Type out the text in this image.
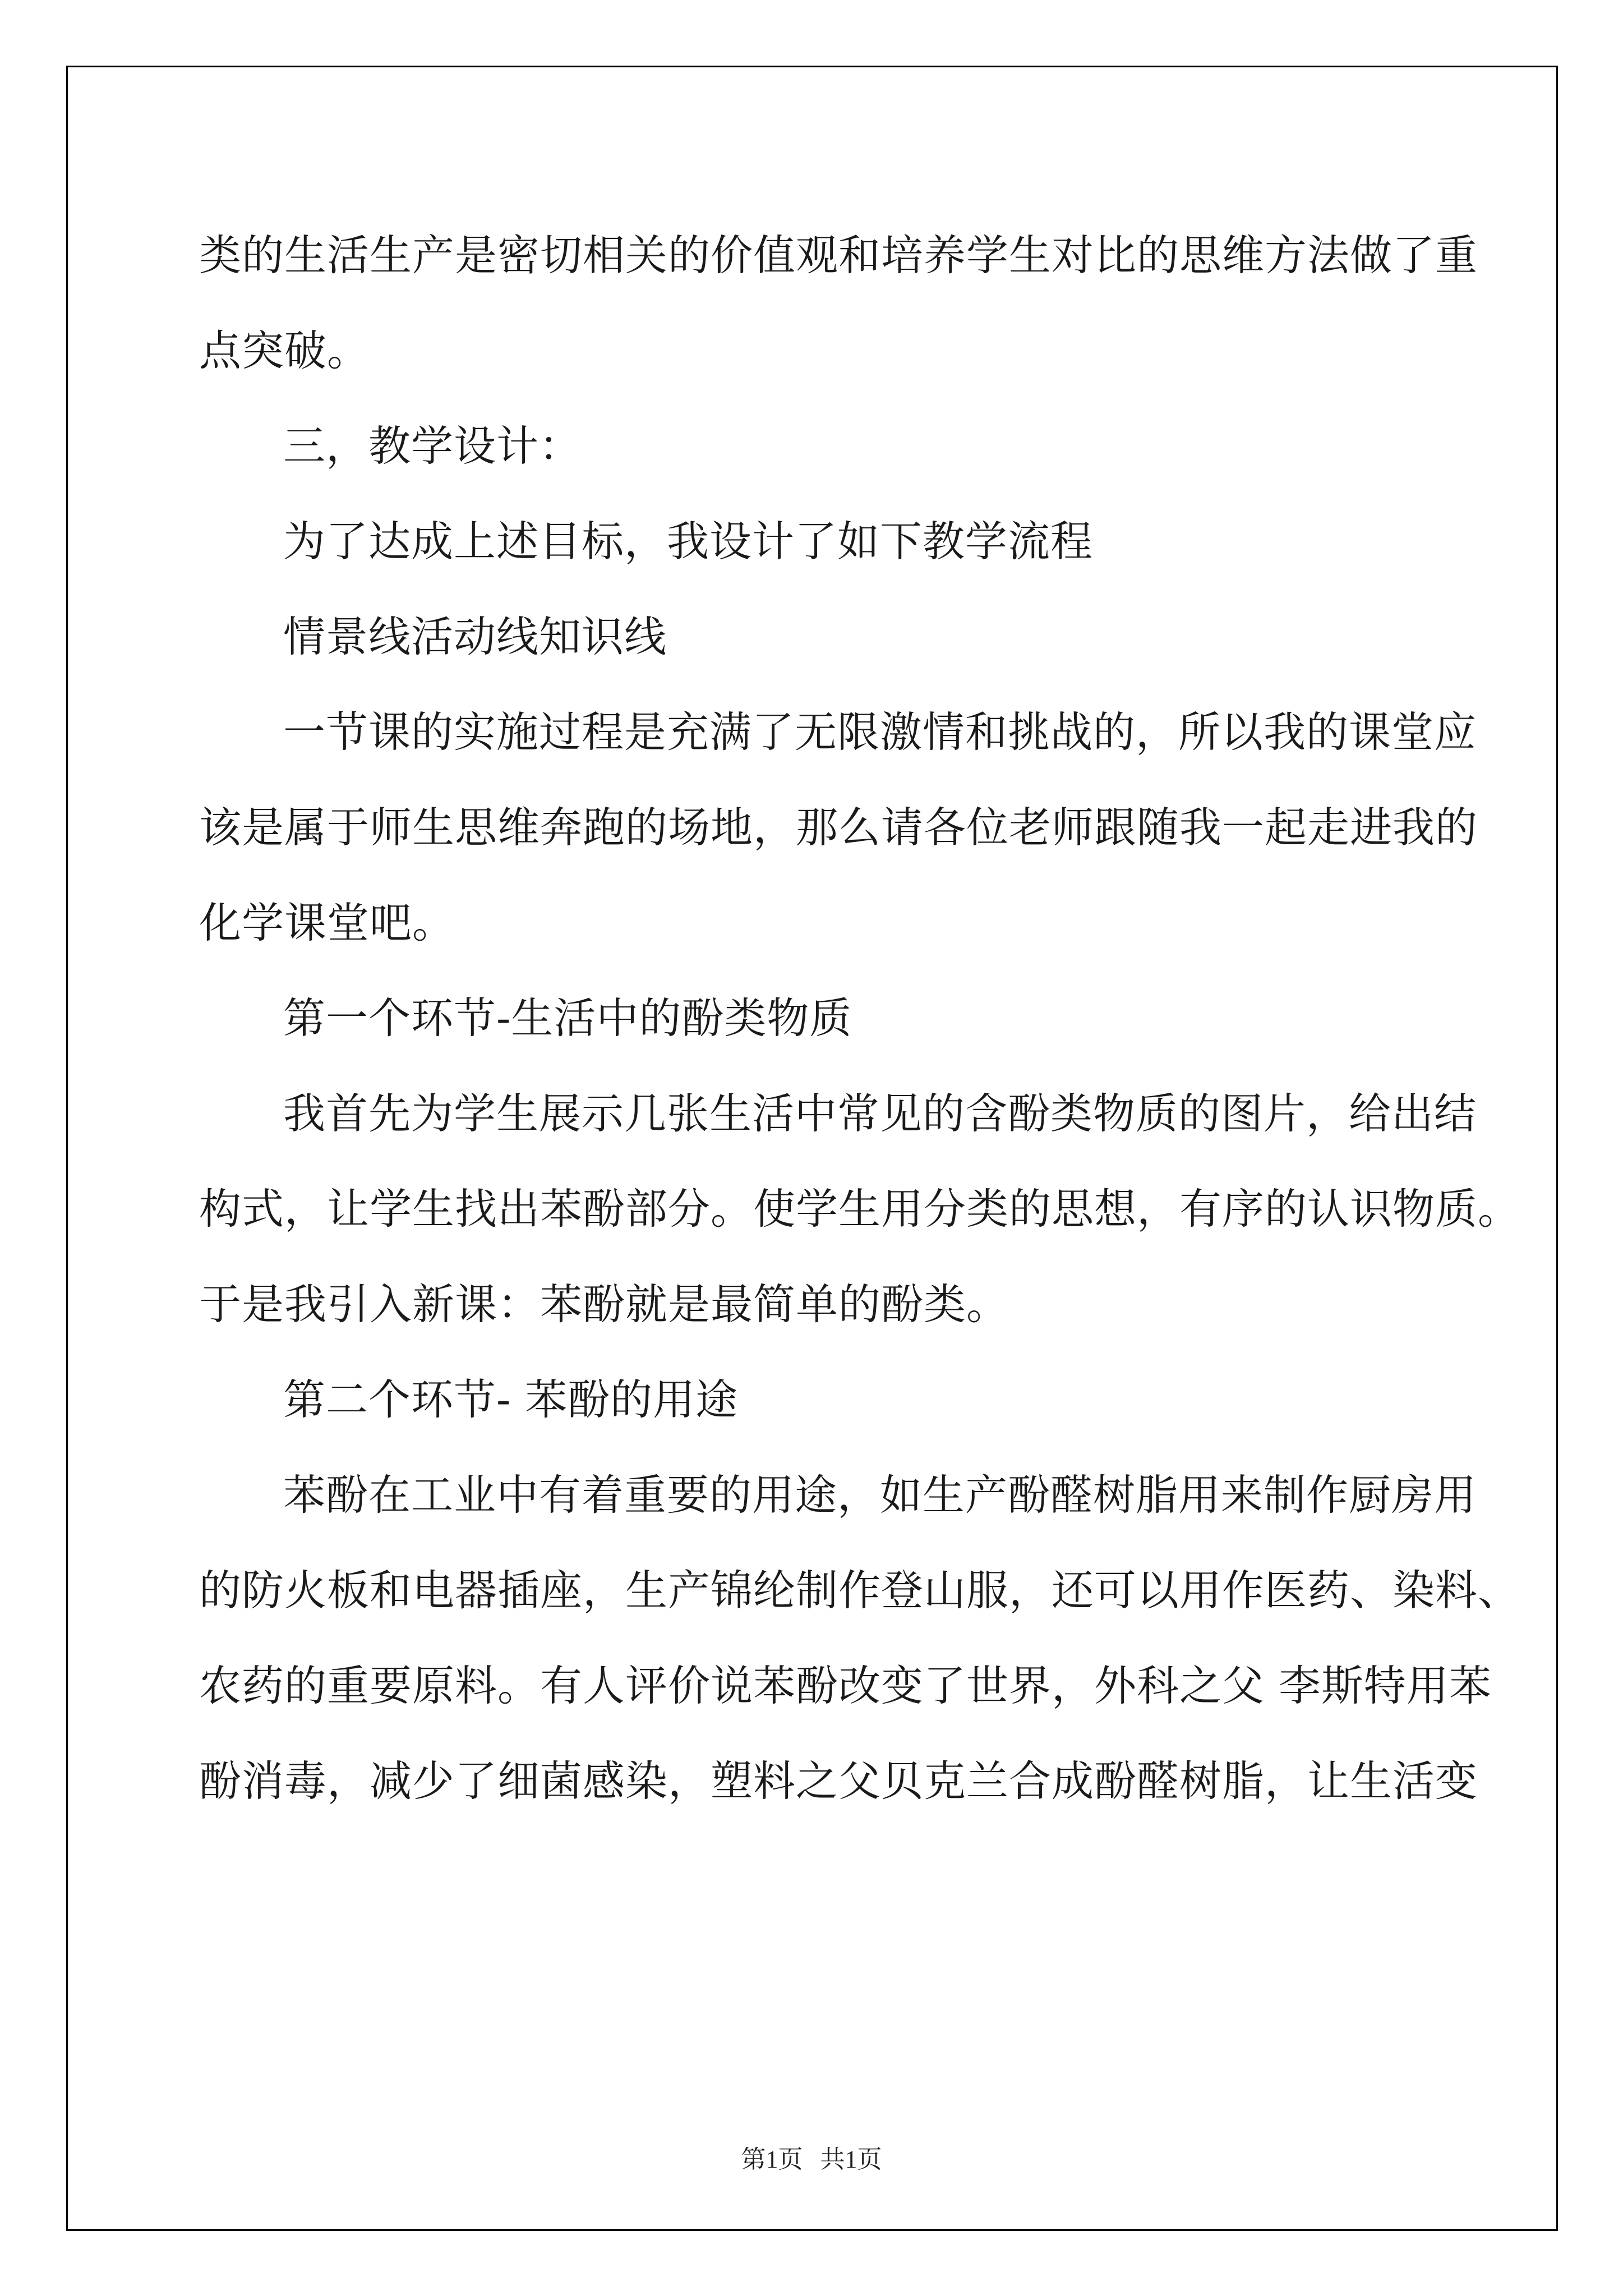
类的生活生产是密切相关的价值观和培养学生对比的思维方法做了重
点突破。
三，教学设计：
为了达成上述目标，我设计了如下教学流程
情景线活动线知识线
一节课的实施过程是充满了无限激情和挑战的，所以我的课堂应
该是属于师生思维奔跑的场地，那么请各位老师跟随我一起走进我的
化学课堂吧。
第一个环节-生活中的酚类物质
我首先为学生展示几张生活中常见的含酚类物质的图片，给出结
构式，让学生找出苯酚部分。使学生用分类的思想，有序的认识物质。
于是我引入新课：苯酚就是最简单的酚类。
第二个环节- 苯酚的用途
苯酚在工业中有着重要的用途，如生产酚醛树脂用来制作厨房用
的防火板和电器插座，生产锦纶制作登山服，还可以用作医药、染料、
农药的重要原料。有人评价说苯酚改变了世界，外科之父 李斯特用苯
酚消毒，减少了细菌感染，塑料之父贝克兰合成酚醛树脂，让生活变
第1页 共1页
